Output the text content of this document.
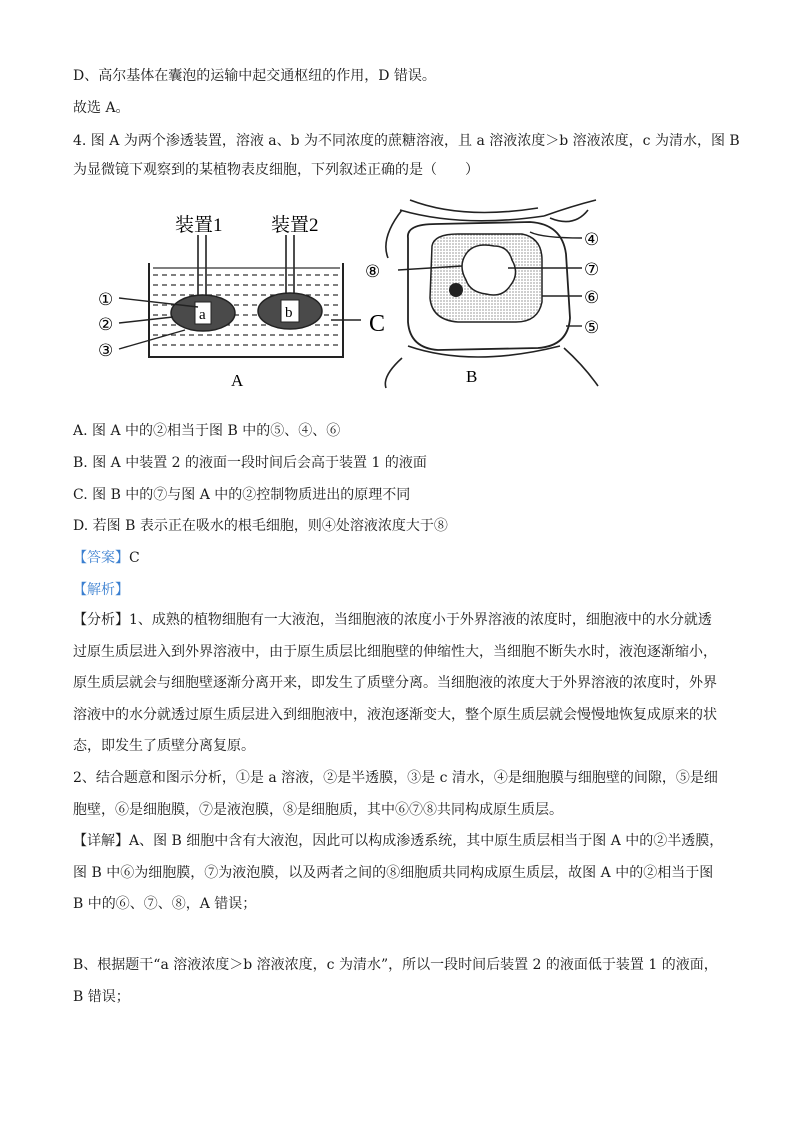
D、高尔基体在囊泡的运输中起交通枢纽的作用，D 错误。
故选 A。
4. 图 A 为两个渗透装置，溶液 a、b 为不同浓度的蔗糖溶液，且 a 溶液浓度＞b 溶液浓度，c 为清水，图 B
为显微镜下观察到的某植物表皮细胞，下列叙述正确的是（　　）
装置1	装置2
a	b
①
②
③
C
A
⑧
④
⑦
⑥
⑤
B
A. 图 A 中的②相当于图 B 中的⑤、④、⑥
B. 图 A 中装置 2 的液面一段时间后会高于装置 1 的液面
C. 图 B 中的⑦与图 A 中的②控制物质进出的原理不同
D. 若图 B 表示正在吸水的根毛细胞，则④处溶液浓度大于⑧
【答案】C
【解析】
【分析】1、成熟的植物细胞有一大液泡，当细胞液的浓度小于外界溶液的浓度时，细胞液中的水分就透过原生质层进入到外界溶液中，由于原生质层比细胞壁的伸缩性大，当细胞不断失水时，液泡逐渐缩小，原生质层就会与细胞壁逐渐分离开来，即发生了质壁分离。当细胞液的浓度大于外界溶液的浓度时，外界溶液中的水分就透过原生质层进入到细胞液中，液泡逐渐变大，整个原生质层就会慢慢地恢复成原来的状态，即发生了质壁分离复原。
2、结合题意和图示分析，①是 a 溶液，②是半透膜，③是 c 清水，④是细胞膜与细胞壁的间隙，⑤是细胞壁，⑥是细胞膜，⑦是液泡膜，⑧是细胞质，其中⑥⑦⑧共同构成原生质层。
【详解】A、图 B 细胞中含有大液泡，因此可以构成渗透系统，其中原生质层相当于图 A 中的②半透膜，图 B 中⑥为细胞膜，⑦为液泡膜，以及两者之间的⑧细胞质共同构成原生质层，故图 A 中的②相当于图 B 中的⑥、⑦、⑧，A 错误；
B、根据题干“a 溶液浓度＞b 溶液浓度，c 为清水”，所以一段时间后装置 2 的液面低于装置 1 的液面，B 错误；
